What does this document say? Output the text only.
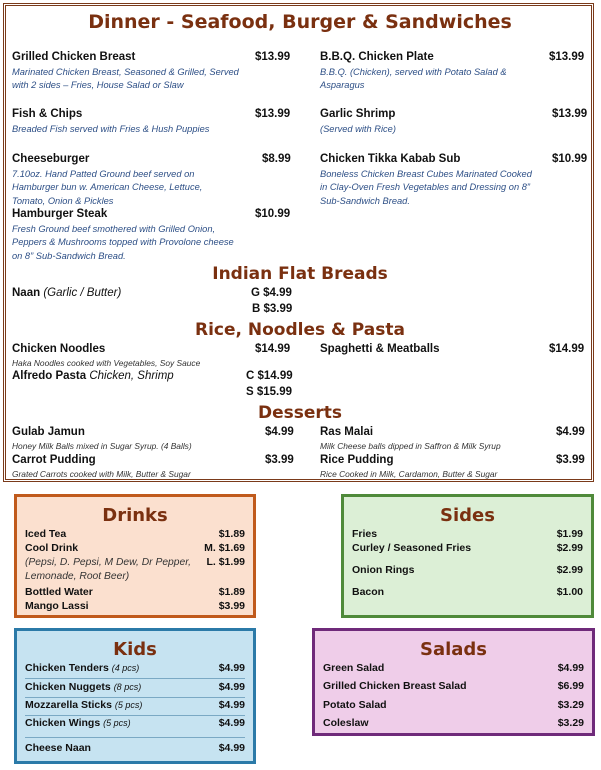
Dinner - Seafood, Burger & Sandwiches
Grilled Chicken Breast	$13.99
Marinated Chicken Breast, Seasoned & Grilled, Served with 2 sides – Fries, House Salad or Slaw
Fish & Chips	$13.99
Breaded Fish served with Fries & Hush Puppies
Cheeseburger	$8.99
7.10oz. Hand Patted Ground beef served on Hamburger bun w. American Cheese, Lettuce, Tomato, Onion & Pickles
Hamburger Steak	$10.99
Fresh Ground beef smothered with Grilled Onion, Peppers & Mushrooms topped with Provolone cheese on 8” Sub-Sandwich Bread.
B.B.Q. Chicken Plate	$13.99
B.B.Q. (Chicken), served with Potato Salad & Asparagus
Garlic Shrimp	$13.99
(Served with Rice)
Chicken Tikka Kabab Sub	$10.99
Boneless Chicken Breast Cubes Marinated Cooked in Clay-Oven Fresh Vegetables and Dressing on 8” Sub-Sandwich Bread.
Indian Flat Breads
Naan (Garlic / Butter)	G $4.99
B $3.99
Rice, Noodles & Pasta
Chicken Noodles	$14.99
Haka Noodles cooked with Vegetables, Soy Sauce
Spaghetti & Meatballs	$14.99
Alfredo Pasta Chicken, Shrimp	C $14.99
S $15.99
Desserts
Gulab Jamun	$4.99
Honey Milk Balls mixed in Sugar Syrup. (4 Balls)
Ras Malai	$4.99
Milk Cheese balls dipped in Saffron & Milk Syrup
Carrot Pudding	$3.99
Grated Carrots cooked with Milk, Butter & Sugar
Rice Pudding	$3.99
Rice Cooked in Milk, Cardamon, Butter & Sugar
Drinks
Iced Tea	$1.89
Cool Drink	M. $1.69
L. $1.99
(Pepsi, D. Pepsi, M Dew, Dr Pepper, Lemonade, Root Beer)
Bottled Water	$1.89
Mango Lassi	$3.99
Sides
Fries	$1.99
Curley / Seasoned Fries	$2.99
Onion Rings	$2.99
Bacon	$1.00
Kids
Chicken Tenders (4 pcs)	$4.99
Chicken Nuggets (8 pcs)	$4.99
Mozzarella Sticks (5 pcs)	$4.99
Chicken Wings (5 pcs)	$4.99
Cheese Naan	$4.99
Salads
Green Salad	$4.99
Grilled Chicken Breast Salad	$6.99
Potato Salad	$3.29
Coleslaw	$3.29
